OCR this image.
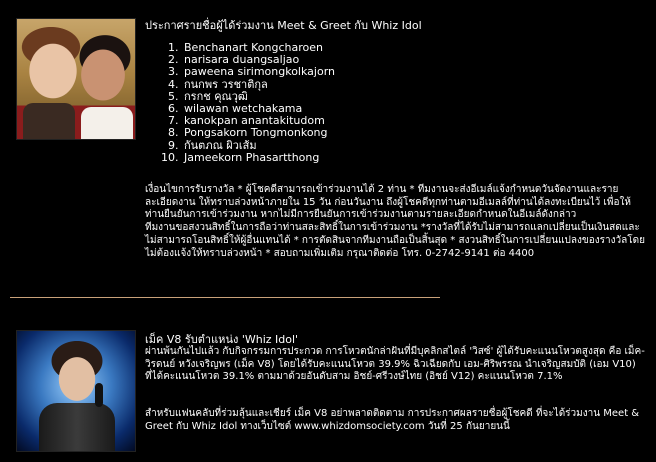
ประกาศรายชื่อผู้ได้ร่วมงาน Meet & Greet กับ Whiz Idol
1. Benchanart Kongcharoen
2. narisara duangsaljao
3. paweena sirimongkolkajorn
4. กนกพร วรชาติกุล
5. กรกช คุณวุฒิ
6. wilawan wetchakama
7. kanokpan anantakitudom
8. Pongsakorn Tongmonkong
9. กันตภณ ผิวเส้ม
10. Jameekorn Phasartthong

เงื่อนไขการรับรางวัล * ผู้โชคดีสามารถเข้าร่วมงานได้ 2 ท่าน * ทีมงานจะส่งอีเมล์แจ้งกำหนดวันจัดงานและรายละเอียดงาน ให้ทราบล่วงหน้าภายใน 15 วัน ก่อนวันงาน ถึงผู้โชคดีทุกท่านตามอีเมลล์ที่ท่านได้ลงทะเบียนไว้ เพื่อให้ท่านยืนยันการเข้าร่วมงาน หากไม่มีการยืนยันการเข้าร่วมงานตามรายละเอียดกำหนดในอีเมล์ดังกล่าว

ทีมงานขอสงวนสิทธิ์ในการถือว่าท่านสละสิทธิ์ในการเข้าร่วมงาน *รางวัลที่ได้รับไม่สามารถแลกเปลี่ยนเป็นเงินสดและไม่สามารถโอนสิทธิ์ให้ผู้อื่นแทนได้ * การตัดสินจากทีมงานถือเป็นสิ้นสุด * สงวนสิทธิ์ในการเปลี่ยนแปลงของรางวัลโดยไม่ต้องแจ้งให้ทราบล่วงหน้า * สอบถามเพิ่มเติม กรุณาติดต่อ โทร. 0-2742-9141 ต่อ 4400

เม็ค V8 รับตำแหน่ง 'Whiz Idol'
ผ่านพ้นกันไปแล้ว กับกิจกรรมการประกวด การโหวตนักล่าฝันที่มีบุคลิกสไตล์ 'วิสซ์' ผู้ได้รับคะแนนโหวตสูงสุด คือ เม็ค-วิรดนย์ หวังเจริญพร (เม็ค V8) โดยได้รับคะแนนโหวต 39.9% ฉิวเฉียดกับ เอม-ศิริพรรณ นำเจริญสมบัติ (เอม V10) ที่ได้คะแนนโหวต 39.1% ตามมาด้วยอันดับสาม อิชย์-ศรีวงษ์ไทย (อิชย์ V12) คะแนนโหวต 7.1%
สำหรับแฟนคลับที่ร่วมลุ้นและเชียร์ เม็ค V8 อย่าพลาดติดตาม การประกาศผลรายชื่อผู้โชคดี ที่จะได้ร่วมงาน Meet & Greet กับ Whiz Idol ทางเว็บไซต์ www.whizdomsociety.com วันที่ 25 กันยายนนี้
